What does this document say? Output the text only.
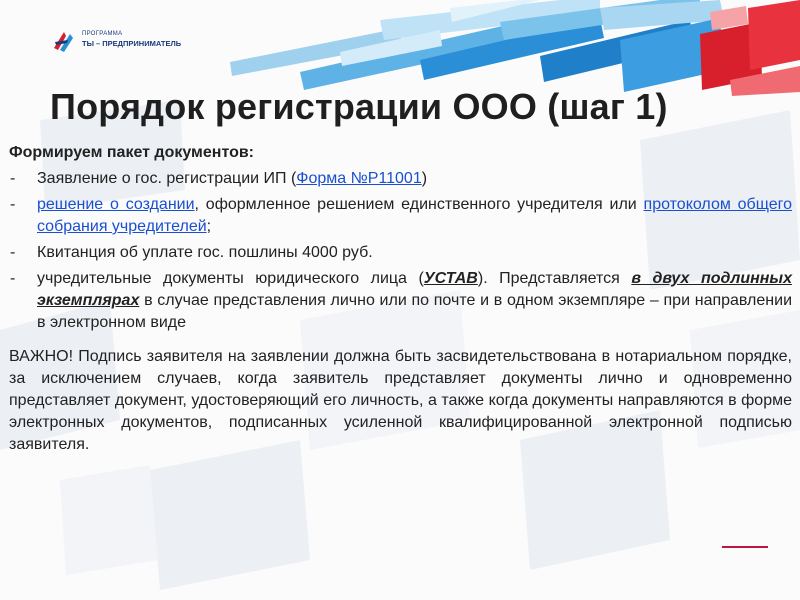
ПРОГРАММА
ТЫ – ПРЕДПРИНИМАТЕЛЬ
Порядок регистрации ООО (шаг 1)

Формируем пакет документов:

- Заявление о гос. регистрации ИП (Форма №Р11001)
- решение о создании, оформленное решением единственного учредителя или протоколом общего собрания учредителей;
- Квитанция об уплате гос. пошлины 4000 руб.
- учредительные документы юридического лица (УСТАВ). Представляется в двух подлинных экземплярах в случае представления лично или по почте и в одном экземпляре – при направлении в электронном виде

ВАЖНО! Подпись заявителя на заявлении должна быть засвидетельствована в нотариальном порядке, за исключением случаев, когда заявитель представляет документы лично и одновременно представляет документ, удостоверяющий его личность, а также когда документы направляются в форме электронных документов, подписанных усиленной квалифицированной электронной подписью заявителя.
